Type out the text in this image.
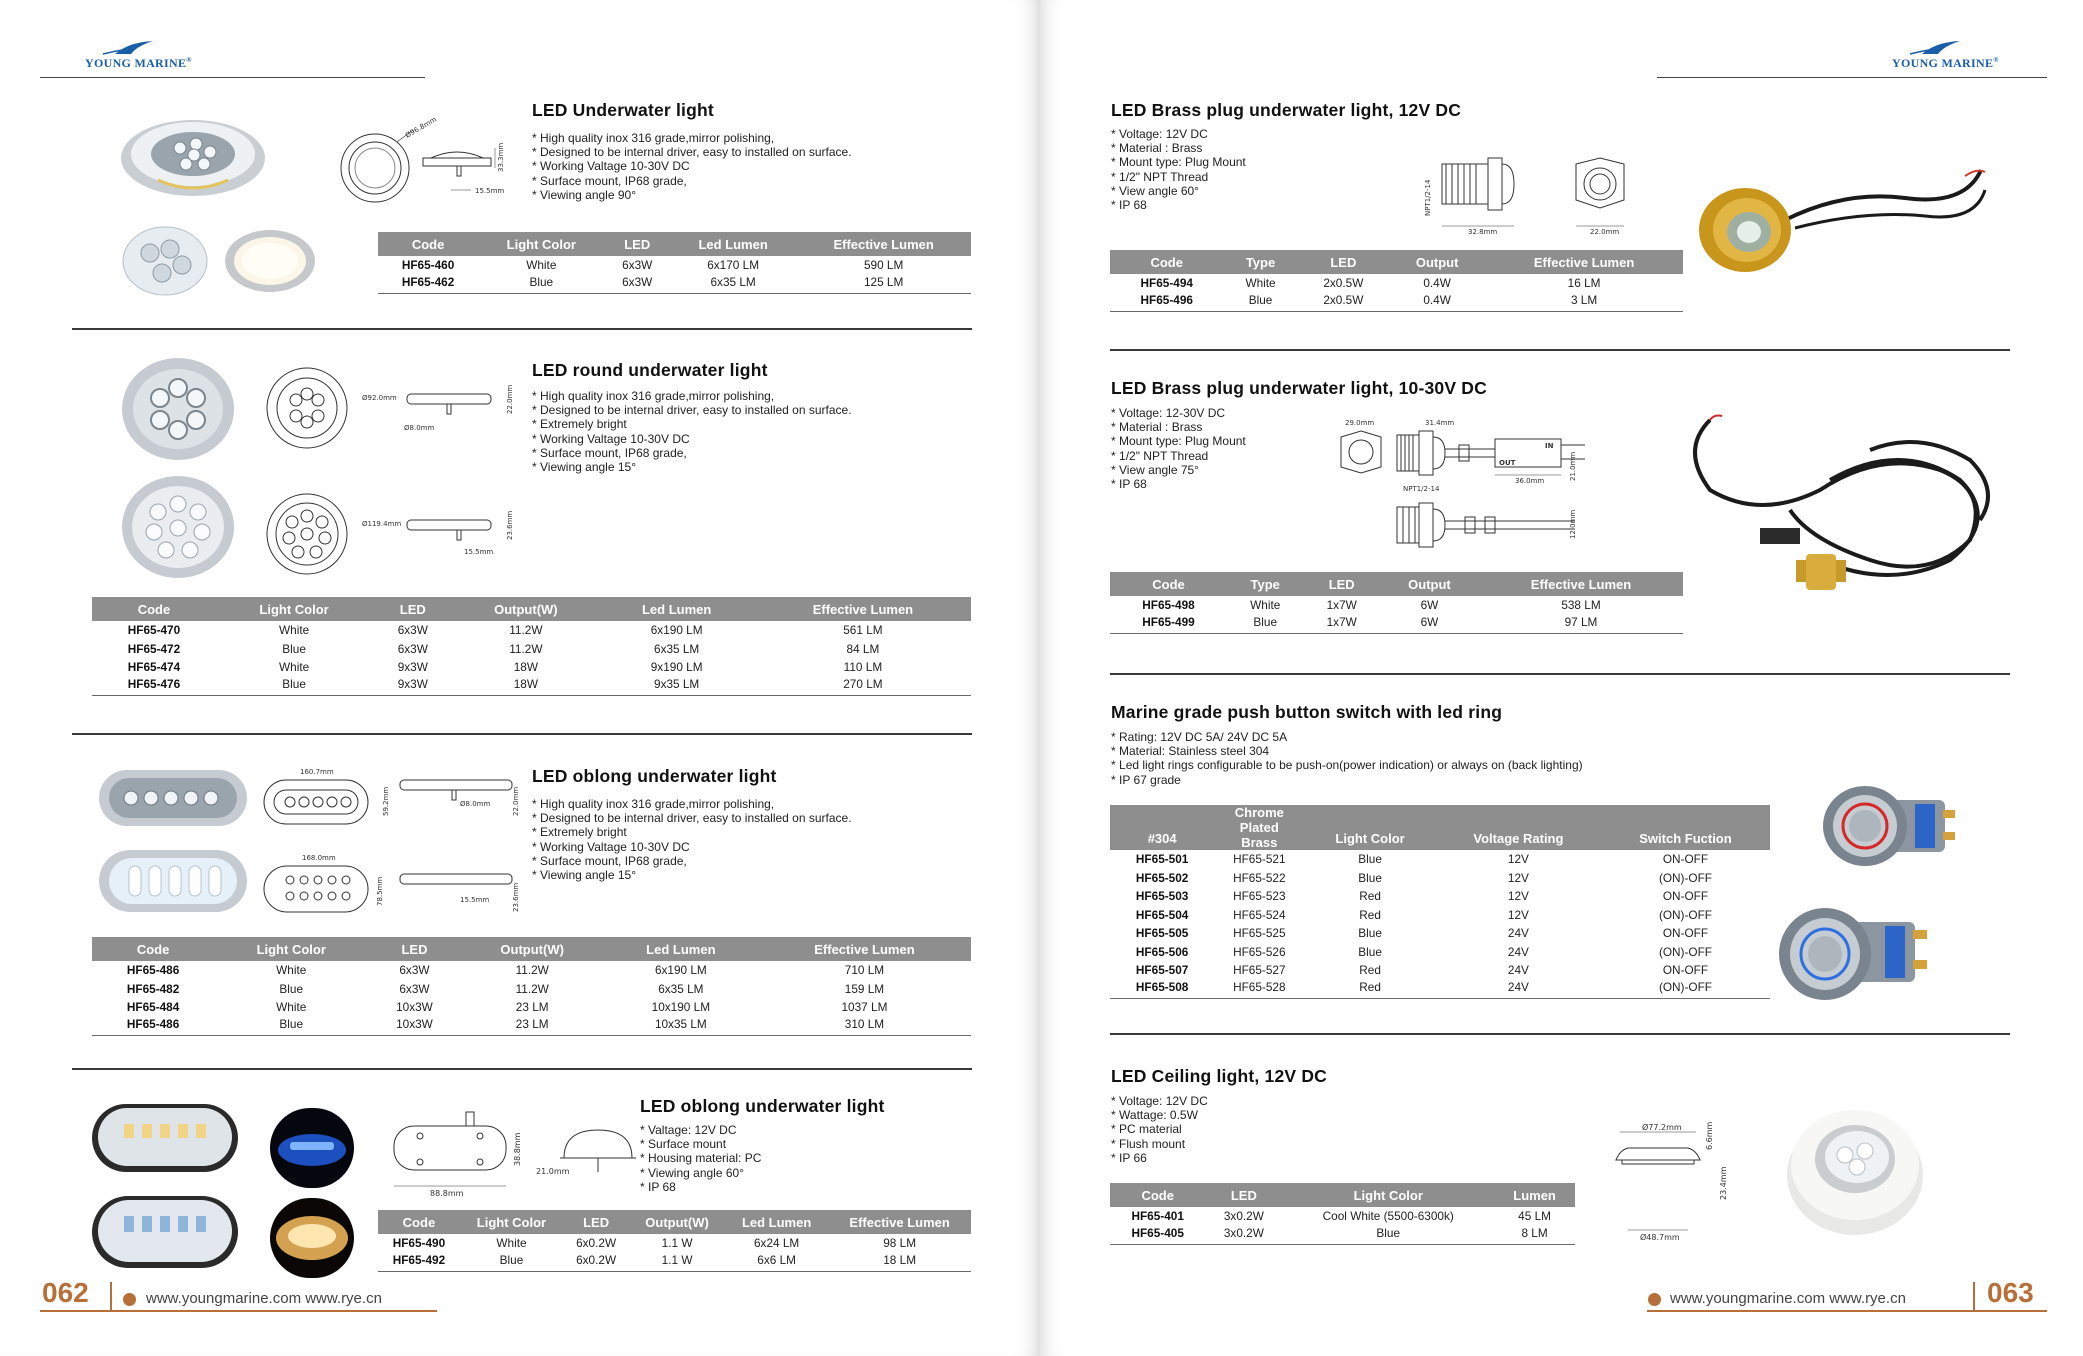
YOUNG MARINE®
Ø96.8mm
33.3mm
15.5mm
LED Underwater light
* High quality inox 316 grade,mirror polishing,
* Designed to be internal driver, easy to installed on surface.
* Working Valtage 10-30V DC
* Surface mount, IP68 grade,
* Viewing angle 90°
Code	Light Color	LED	Led Lumen	Effective Lumen
HF65-460	White	6x3W	6x170 LM	590 LM
HF65-462	Blue	6x3W	6x35 LM	125 LM
Ø92.0mm
Ø8.0mm
22.0mm
Ø119.4mm	23.6mm
15.5mm
LED round underwater light
* High quality inox 316 grade,mirror polishing,
* Designed to be internal driver, easy to installed on surface.
* Extremely bright
* Working Valtage 10-30V DC
* Surface mount, IP68 grade,
* Viewing angle 15°
Code	Light Color	LED	Output(W)	Led Lumen	Effective Lumen
HF65-470	White	6x3W	11.2W	6x190 LM	561 LM
HF65-472	Blue	6x3W	11.2W	6x35 LM	84 LM
HF65-474	White	9x3W	18W	9x190 LM	110 LM
HF65-476	Blue	9x3W	18W	9x35 LM	270 LM
160.7mm
59.2mm	Ø8.0mm	22.0mm
168.0mm
78.5mm	15.5mm	23.6mm
LED oblong underwater light
* High quality inox 316 grade,mirror polishing,
* Designed to be internal driver, easy to installed on surface.
* Extremely bright
* Working Valtage 10-30V DC
* Surface mount, IP68 grade,
* Viewing angle 15°
Code	Light Color	LED	Output(W)	Led Lumen	Effective Lumen
HF65-486	White	6x3W	11.2W	6x190 LM	710 LM
HF65-482	Blue	6x3W	11.2W	6x35 LM	159 LM
HF65-484	White	10x3W	23 LM	10x190 LM	1037 LM
HF65-486	Blue	10x3W	23 LM	10x35 LM	310 LM
38.8mm
88.8mm
21.0mm
LED oblong underwater light
* Valtage: 12V DC
* Surface mount
* Housing material: PC
* Viewing angle 60°
* IP 68
Code	Light Color	LED	Output(W)	Led Lumen	Effective Lumen
HF65-490	White	6x0.2W	1.1 W	6x24 LM	98 LM
HF65-492	Blue	6x0.2W	1.1 W	6x6 LM	18 LM
062	www.youngmarine.com www.rye.cn
YOUNG MARINE®
LED Brass plug underwater light, 12V DC
* Voltage: 12V DC
* Material : Brass
* Mount type: Plug Mount
* 1/2" NPT Thread
* View angle 60°
* IP 68	NPT1/2-14
32.8mm	22.0mm
Code	Type	LED	Output	Effective Lumen
HF65-494	White	2x0.5W	0.4W	16 LM
HF65-496	Blue	2x0.5W	0.4W	3 LM
LED Brass plug underwater light, 10-30V DC
* Voltage: 12-30V DC
* Material : Brass
* Mount type: Plug Mount
* 1/2" NPT Thread
* View angle 75°
* IP 68
29.0mm	31.4mm
IN
OUT
36.0mm	21.0mm
NPT1/2-14
12.0mm
Code	Type	LED	Output	Effective Lumen
HF65-498	White	1x7W	6W	538 LM
HF65-499	Blue	1x7W	6W	97 LM
Marine grade push button switch with led ring
* Rating: 12V DC 5A/ 24V DC 5A
* Material: Stainless steel 304
* Led light rings configurable to be push-on(power indication) or always on (back lighting)
* IP 67 grade
#304	Chrome Plated Brass	Light Color	Voltage Rating	Switch Fuction
HF65-501	HF65-521	Blue	12V	ON-OFF
HF65-502	HF65-522	Blue	12V	(ON)-OFF
HF65-503	HF65-523	Red	12V	ON-OFF
HF65-504	HF65-524	Red	12V	(ON)-OFF
HF65-505	HF65-525	Blue	24V	ON-OFF
HF65-506	HF65-526	Blue	24V	(ON)-OFF
HF65-507	HF65-527	Red	24V	ON-OFF
HF65-508	HF65-528	Red	24V	(ON)-OFF
LED Ceiling light, 12V DC
* Voltage: 12V DC
* Wattage: 0.5W
* PC material
* Flush mount
* IP 66
Code	LED	Light Color	Lumen
HF65-401	3x0.2W	Cool White (5500-6300k)	45 LM
HF65-405	3x0.2W	Blue	8 LM
Ø77.2mm	6.6mm
23.4mm
Ø48.7mm
www.youngmarine.com www.rye.cn	063
